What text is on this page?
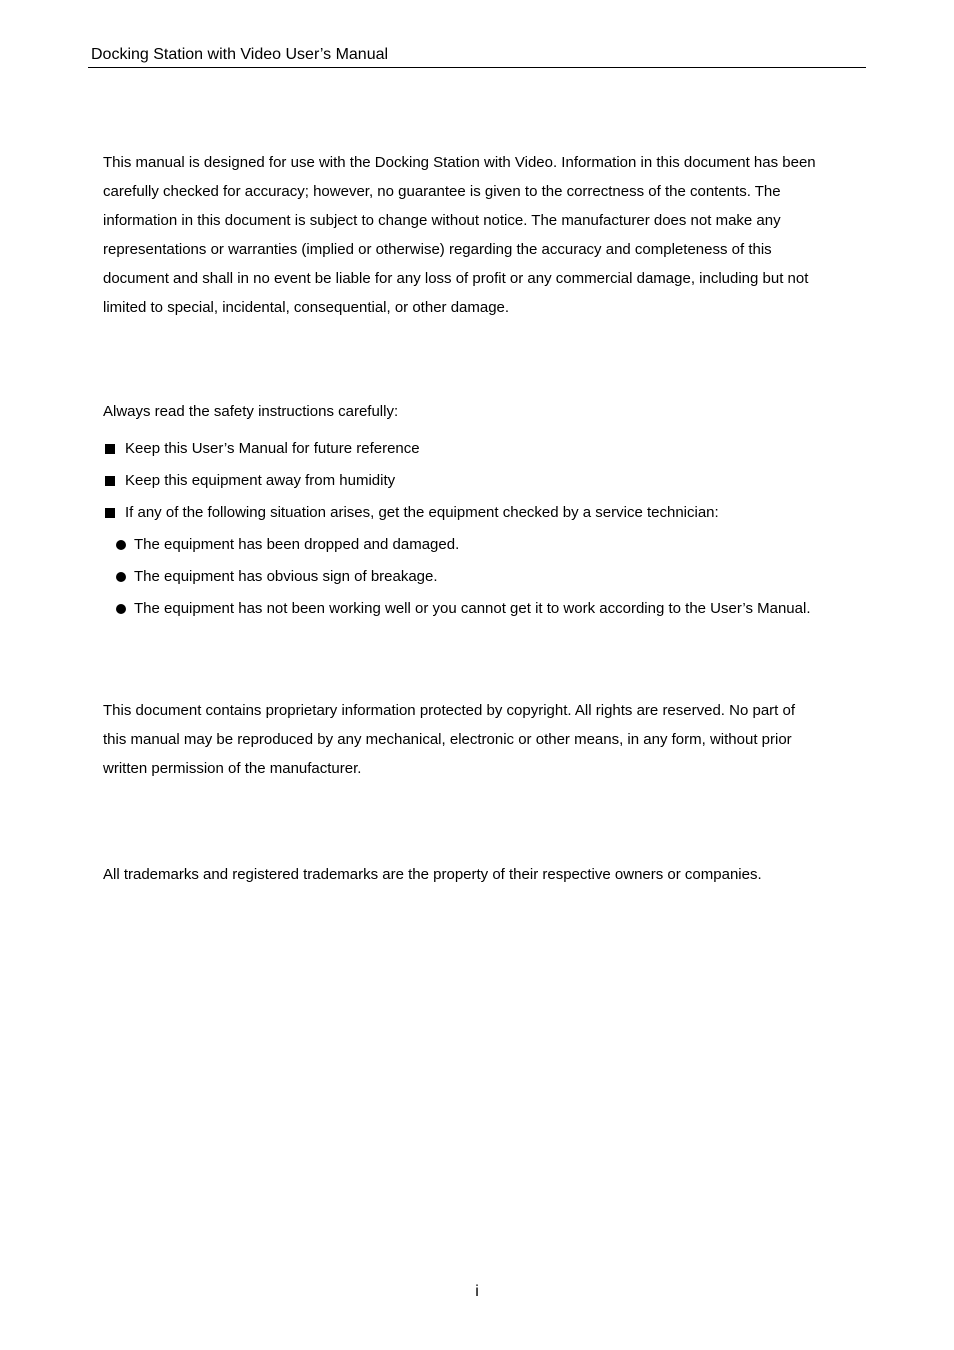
Docking Station with Video User’s Manual

This manual is designed for use with the Docking Station with Video. Information in this document has been
carefully checked for accuracy; however, no guarantee is given to the correctness of the contents. The
information in this document is subject to change without notice. The manufacturer does not make any
representations or warranties (implied or otherwise) regarding the accuracy and completeness of this
document and shall in no event be liable for any loss of profit or any commercial damage, including but not
limited to special, incidental, consequential, or other damage.

Always read the safety instructions carefully:
Keep this User’s Manual for future reference
Keep this equipment away from humidity
If any of the following situation arises, get the equipment checked by a service technician:
The equipment has been dropped and damaged.
The equipment has obvious sign of breakage.
The equipment has not been working well or you cannot get it to work according to the User’s Manual.

This document contains proprietary information protected by copyright. All rights are reserved. No part of
this manual may be reproduced by any mechanical, electronic or other means, in any form, without prior
written permission of the manufacturer.

All trademarks and registered trademarks are the property of their respective owners or companies.

i
